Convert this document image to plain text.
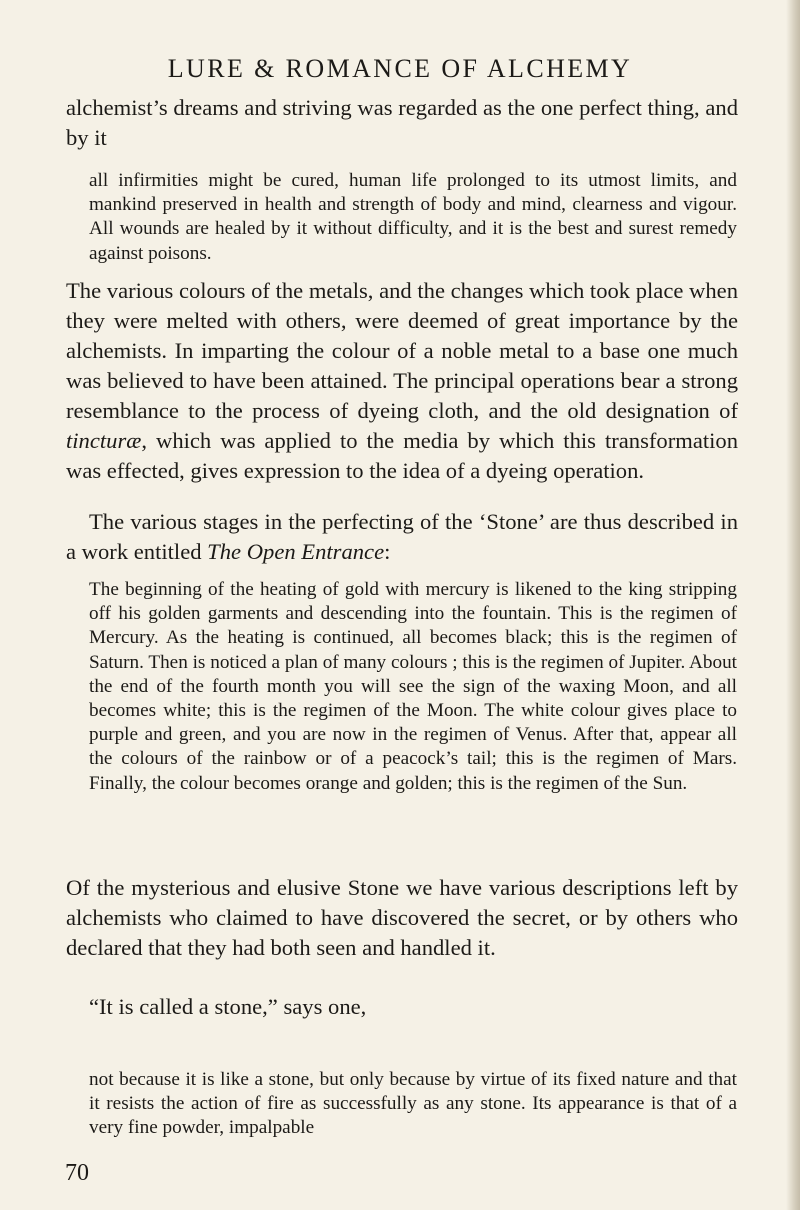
LURE & ROMANCE OF ALCHEMY

alchemist’s dreams and striving was regarded as the one perfect thing, and by it

all infirmities might be cured, human life prolonged to its utmost limits, and mankind preserved in health and strength of body and mind, clearness and vigour. All wounds are healed by it without difficulty, and it is the best and surest remedy against poisons.

The various colours of the metals, and the changes which took place when they were melted with others, were deemed of great importance by the alchemists. In imparting the colour of a noble metal to a base one much was believed to have been attained. The principal operations bear a strong resemblance to the process of dyeing cloth, and the old designation of tincturæ, which was applied to the media by which this transformation was effected, gives expression to the idea of a dyeing operation.

The various stages in the perfecting of the ‘Stone’ are thus described in a work entitled The Open Entrance:

The beginning of the heating of gold with mercury is likened to the king stripping off his golden garments and descending into the fountain. This is the regimen of Mercury. As the heating is continued, all becomes black; this is the regimen of Saturn. Then is noticed a plan of many colours ; this is the regimen of Jupiter. About the end of the fourth month you will see the sign of the waxing Moon, and all becomes white; this is the regimen of the Moon. The white colour gives place to purple and green, and you are now in the regimen of Venus. After that, appear all the colours of the rainbow or of a peacock’s tail; this is the regimen of Mars. Finally, the colour becomes orange and golden; this is the regimen of the Sun.

Of the mysterious and elusive Stone we have various descriptions left by alchemists who claimed to have discovered the secret, or by others who declared that they had both seen and handled it.

“It is called a stone,” says one,

not because it is like a stone, but only because by virtue of its fixed nature and that it resists the action of fire as successfully as any stone. Its appearance is that of a very fine powder, impalpable

70
